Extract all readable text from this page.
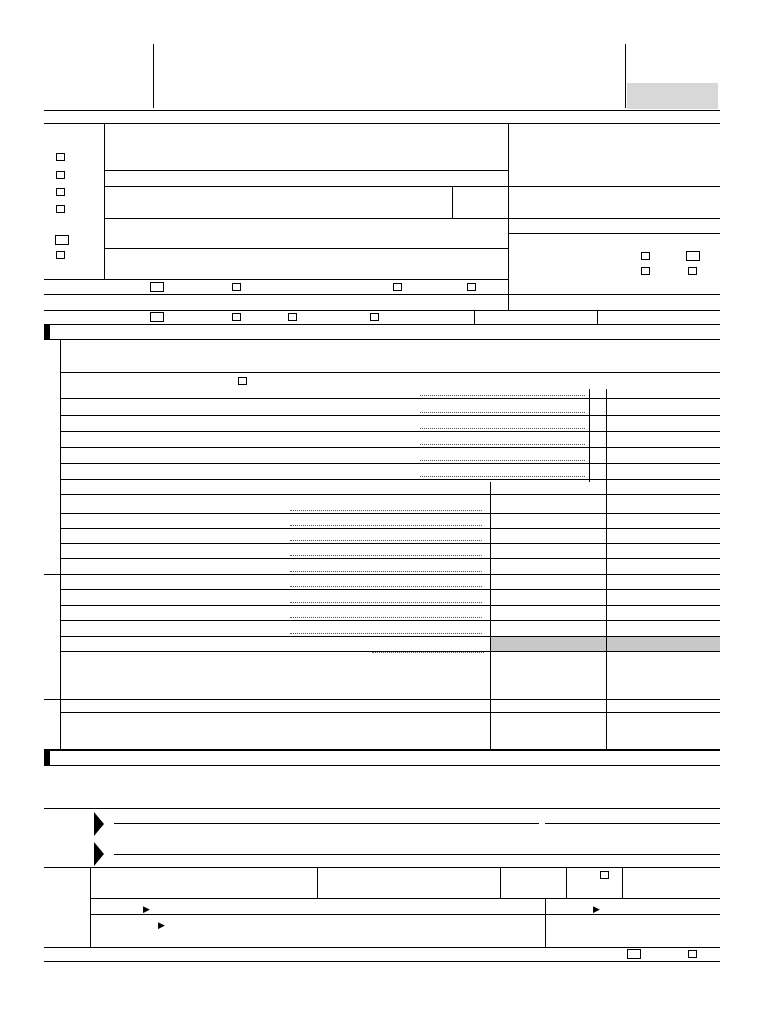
▶	▶
▶
